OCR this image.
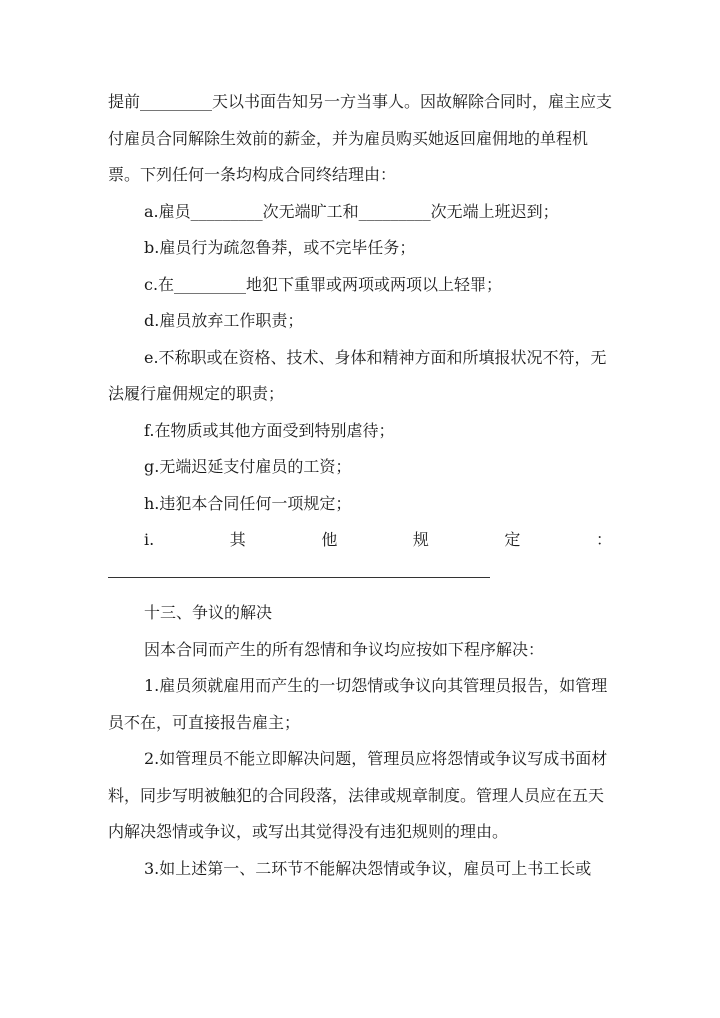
提前_________天以书面告知另一方当事人。因故解除合同时，雇主应支付雇员合同解除生效前的薪金，并为雇员购买她返回雇佣地的单程机票。下列任何一条均构成合同终结理由：

a.雇员_________次无端旷工和_________次无端上班迟到；

b.雇员行为疏忽鲁莽，或不完毕任务；

c.在_________地犯下重罪或两项或两项以上轻罪；

d.雇员放弃工作职责；

e.不称职或在资格、技术、身体和精神方面和所填报状况不符，无法履行雇佣规定的职责；

f.在物质或其他方面受到特别虐待；

g.无端迟延支付雇员的工资；

h.违犯本合同任何一项规定；

i.其他规定：

十三、争议的解决

因本合同而产生的所有怨情和争议均应按如下程序解决：

1.雇员须就雇用而产生的一切怨情或争议向其管理员报告，如管理员不在，可直接报告雇主；

2.如管理员不能立即解决问题，管理员应将怨情或争议写成书面材料，同步写明被触犯的合同段落，法律或规章制度。管理人员应在五天内解决怨情或争议，或写出其觉得没有违犯规则的理由。

3.如上述第一、二环节不能解决怨情或争议，雇员可上书工长或
